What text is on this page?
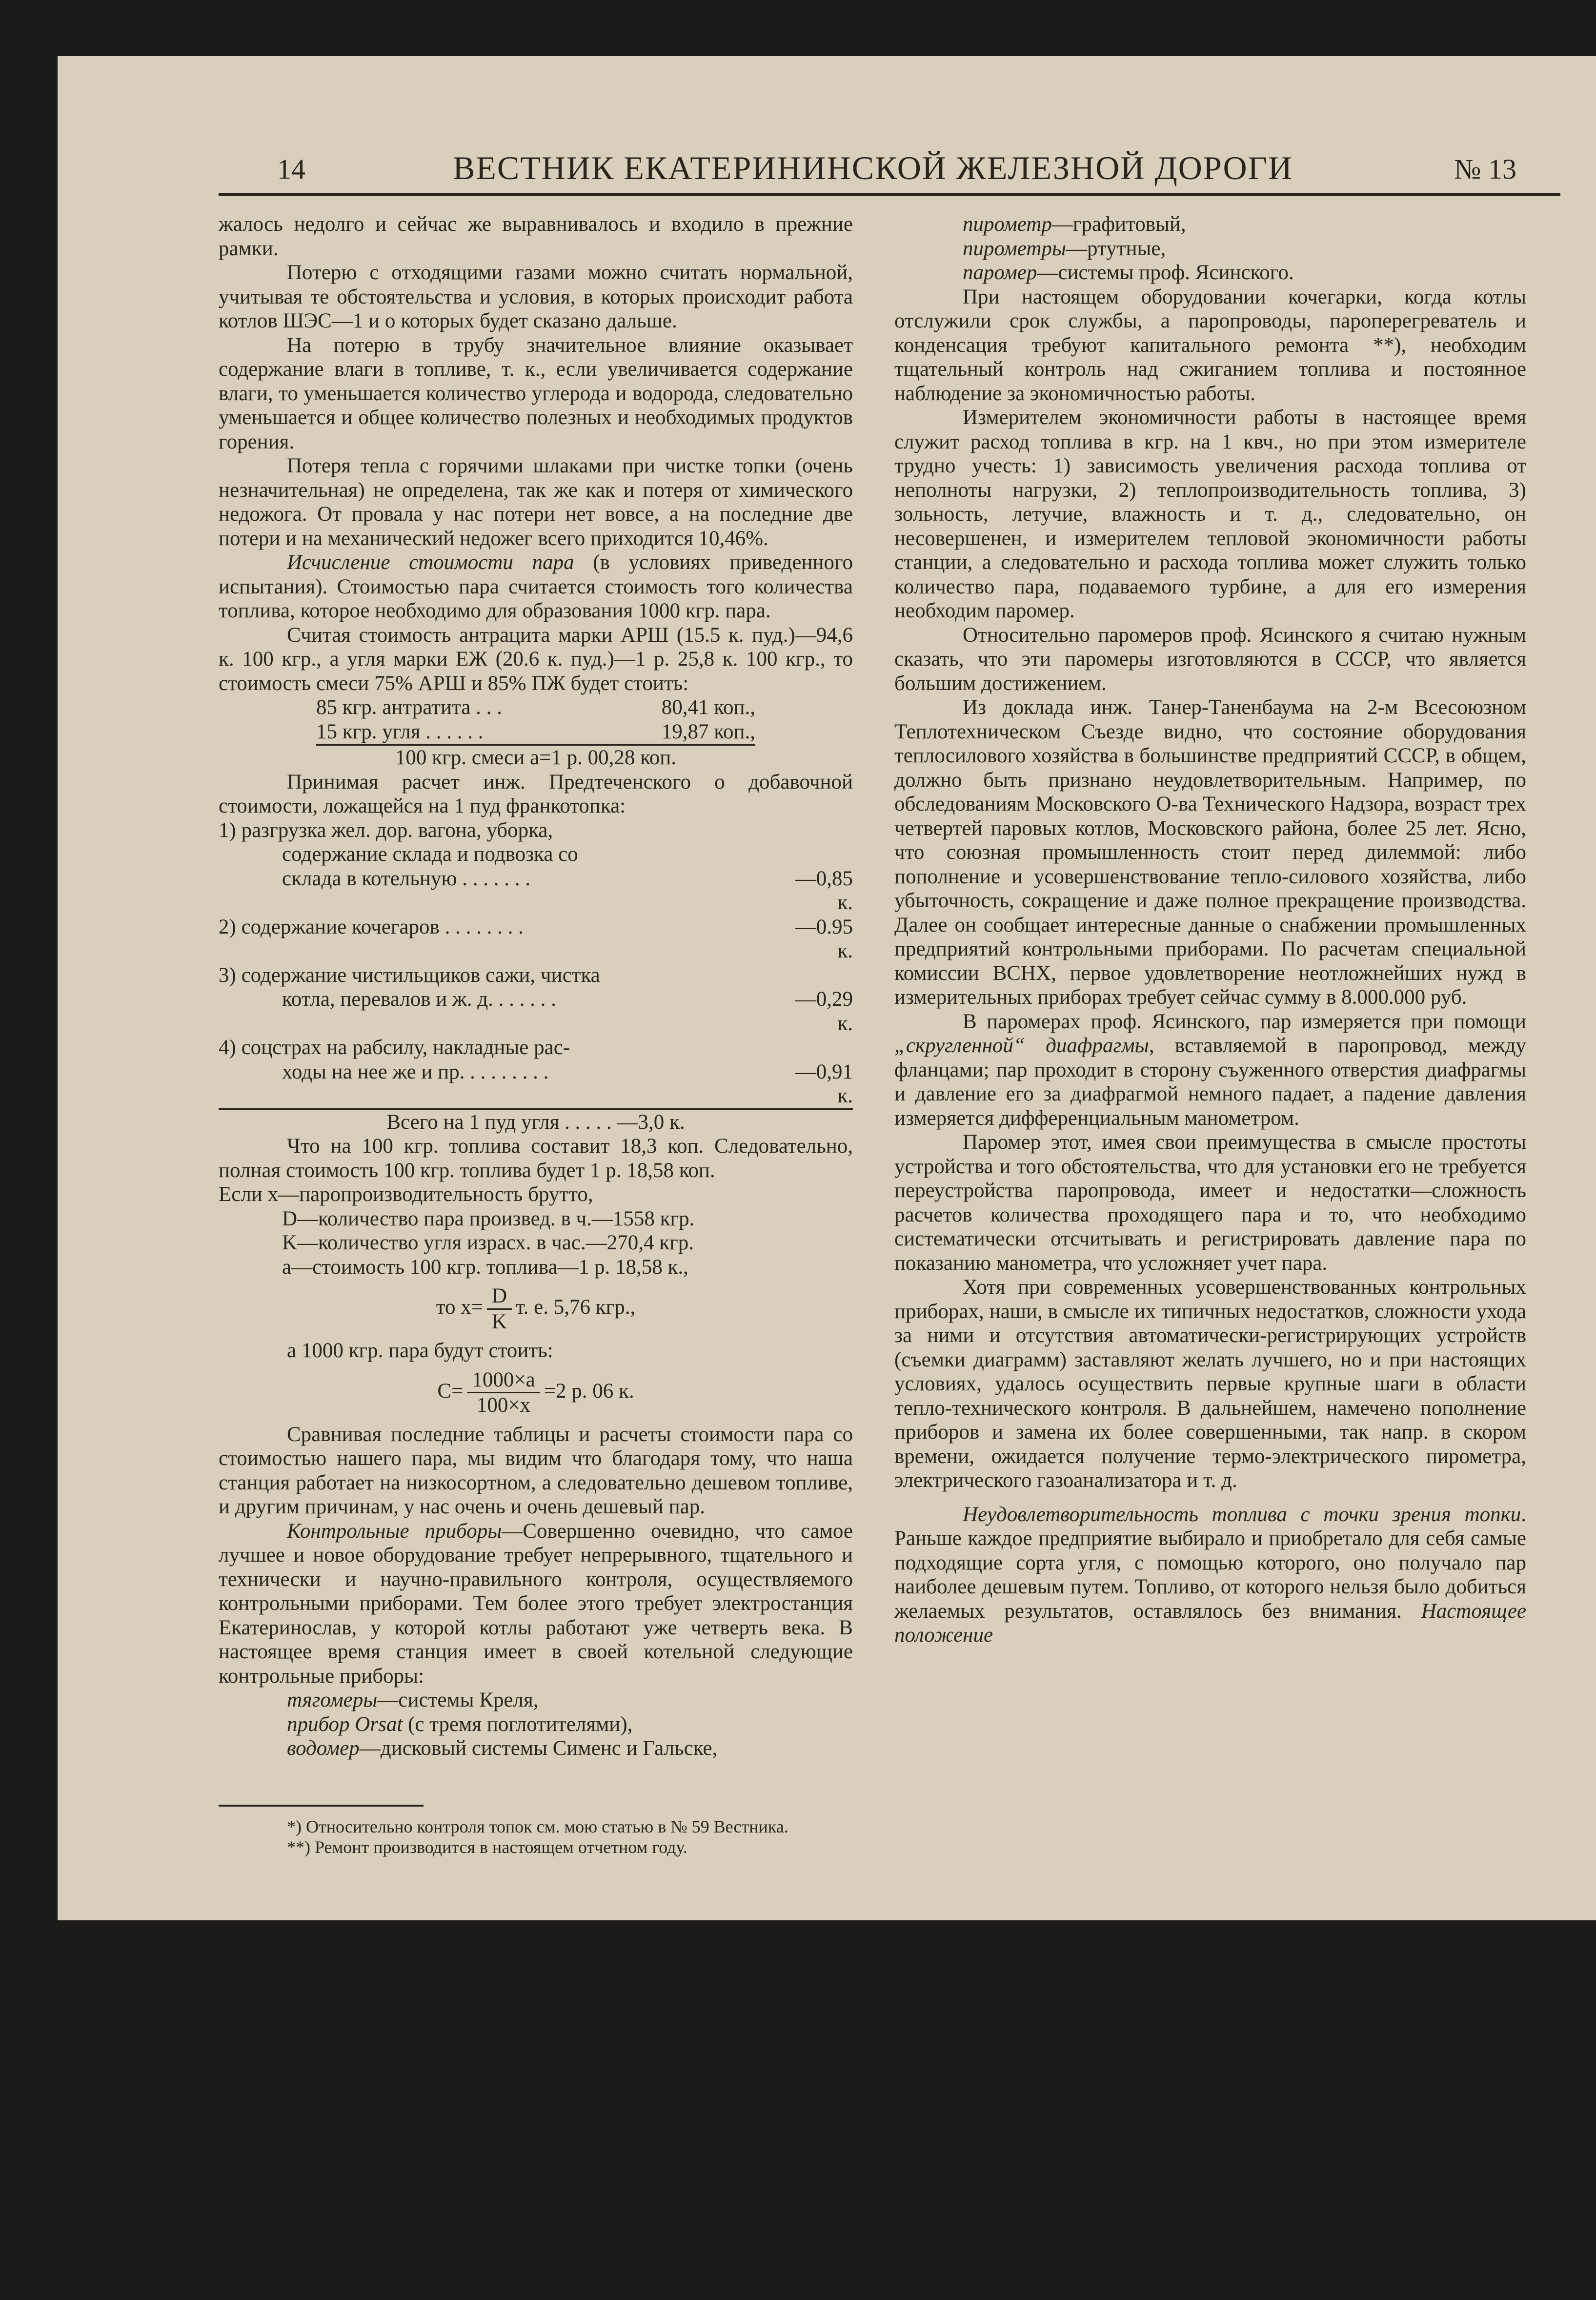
14	ВЕСТНИК ЕКАТЕРИНИНСКОЙ ЖЕЛЕЗНОЙ ДОРОГИ	№ 13

жалось недолго и сейчас же выравнивалось и входило в прежние рамки.

Потерю с отходящими газами можно считать нормальной, учитывая те обстоятельства и условия, в которых происходит работа котлов ШЭС—1 и о которых будет сказано дальше.

На потерю в трубу значительное влияние оказывает содержание влаги в топливе, т. к., если увеличивается содержание влаги, то уменьшается количество углерода и водорода, следовательно уменьшается и общее количество полезных и необходимых продуктов горения.

Потеря тепла с горячими шлаками при чистке топки (очень незначительная) не определена, так же как и потеря от химического недожога. От провала у нас потери нет вовсе, а на последние две потери и на механический недожег всего приходится 10,46%.

Исчисление стоимости пара (в условиях приведенного испытания). Стоимостью пара считается стоимость того количества топлива, которое необходимо для образования 1000 кгр. пара.

Считая стоимость антрацита марки АРШ (15.5 к. пуд.)—94,6 к. 100 кгр., а угля марки ЕЖ (20.6 к. пуд.)—1 р. 25,8 к. 100 кгр., то стоимость смеси 75% АРШ и 85% ПЖ будет стоить:

85 кгр. антратита . . .	80,41 коп.,
15 кгр. угля . . . . . .	19,87 коп.,

100 кгр. смеси a=1 р. 00,28 коп.

Принимая расчет инж. Предтеченского о добавочной стоимости, ложащейся на 1 пуд франкотопка:

1) разгрузка жел. дор. вагона, уборка,
содержание склада и подвозка со
склада в котельную . . . . . . .	—0,85 к.
2) содержание кочегаров . . . . . . . .	—0.95 к.
3) содержание чистильщиков сажи, чистка
котла, перевалов и ж. д. . . . . . .	—0,29 к.
4) соцстрах на рабсилу, накладные рас-
ходы на нее же и пр. . . . . . . . .	—0,91 к.

Всего на 1 пуд угля . . . . . —3,0 к.

Что на 100 кгр. топлива составит 18,3 коп. Следовательно, полная стоимость 100 кгр. топлива будет 1 р. 18,58 коп.

Если x—паропроизводительность брутто,

D—количество пара произвед. в ч.—1558 кгр.
K—количество угля израсх. в час.—270,4 кгр.
a—стоимость 100 кгр. топлива—1 р. 18,58 к.,
то $x= \frac{D}{K} т$. е. 5,76 кгр.,

а 1000 кгр. пара будут стоить:

$C= \frac{1000\times a}{100\times x} =2$ р. 06 к.

Сравнивая последние таблицы и расчеты стоимости пара со стоимостью нашего пара, мы видим что благодаря тому, что наша станция работает на низкосортном, а следовательно дешевом топливе, и другим причинам, у нас очень и очень дешевый пар.

Контрольные приборы—Совершенно очевидно, что самое лучшее и новое оборудование требует непрерывного, тщательного и технически и научно-правильного контроля, осуществляемого контрольными приборами. Тем более этого требует электростанция Екатеринослав, у которой котлы работают уже четверть века. В настоящее время станция имеет в своей котельной следующие контрольные приборы:

тягомеры—системы Креля,
прибор Orsat (с тремя поглотителями),
водомер—дисковый системы Сименс и Гальске,

*) Относительно контроля топок см. мою статью в № 59 Вестника.

**) Ремонт производится в настоящем отчетном году.

пирометр—графитовый,
пирометры—ртутные,
паромер—системы проф. Ясинского.

При настоящем оборудовании кочегарки, когда котлы отслужили срок службы, а паропроводы, пароперегреватель и конденсация требуют капитального ремонта **), необходим тщательный контроль над сжиганием топлива и постоянное наблюдение за экономичностью работы.

Измерителем экономичности работы в настоящее время служит расход топлива в кгр. на 1 квч., но при этом измерителе трудно учесть: 1) зависимость увеличения расхода топлива от неполноты нагрузки, 2) теплопроизводительность топлива, 3) зольность, летучие, влажность и т. д., следовательно, он несовершенен, и измерителем тепловой экономичности работы станции, а следовательно и расхода топлива может служить только количество пара, подаваемого турбине, а для его измерения необходим паромер.

Относительно паромеров проф. Ясинского я считаю нужным сказать, что эти паромеры изготовляются в СССР, что является большим достижением.

Из доклада инж. Танер-Таненбаума на 2-м Всесоюзном Теплотехническом Съезде видно, что состояние оборудования теплосилового хозяйства в большинстве предприятий СССР, в общем, должно быть признано неудовлетворительным. Например, по обследованиям Московского О-ва Технического Надзора, возраст трех четвертей паровых котлов, Московского района, более 25 лет. Ясно, что союзная промышленность стоит перед дилеммой: либо пополнение и усовершенствование тепло-силового хозяйства, либо убыточность, сокращение и даже полное прекращение производства. Далее он сообщает интересные данные о снабжении промышленных предприятий контрольными приборами. По расчетам специальной комиссии ВСНХ, первое удовлетворение неотложнейших нужд в измерительных приборах требует сейчас сумму в 8.000.000 руб.

В паромерах проф. Ясинского, пар измеряется при помощи „скругленной“ диафрагмы, вставляемой в паропровод, между фланцами; пар проходит в сторону съуженного отверстия диафрагмы и давление его за диафрагмой немного падает, а падение давления измеряется дифференциальным манометром.

Паромер этот, имея свои преимущества в смысле простоты устройства и того обстоятельства, что для установки его не требуется переустройства паропровода, имеет и недостатки—сложность расчетов количества проходящего пара и то, что необходимо систематически отсчитывать и регистрировать давление пара по показанию манометра, что усложняет учет пара.

Хотя при современных усовершенствованных контрольных приборах, наши, в смысле их типичных недостатков, сложности ухода за ними и отсутствия автоматически-регистрирующих устройств (съемки диаграмм) заставляют желать лучшего, но и при настоящих условиях, удалось осуществить первые крупные шаги в области тепло-технического контроля. В дальнейшем, намечено пополнение приборов и замена их более совершенными, так напр. в скором времени, ожидается получение термо-электрического пирометра, электрического газоанализатора и т. д.

Неудовлетворительность топлива с точки зрения топки. Раньше каждое предприятие выбирало и приобретало для себя самые подходящие сорта угля, с помощью которого, оно получало пар наиболее дешевым путем. Топливо, от которого нельзя было добиться желаемых результатов, оставлялось без внимания. Настоящее положение
